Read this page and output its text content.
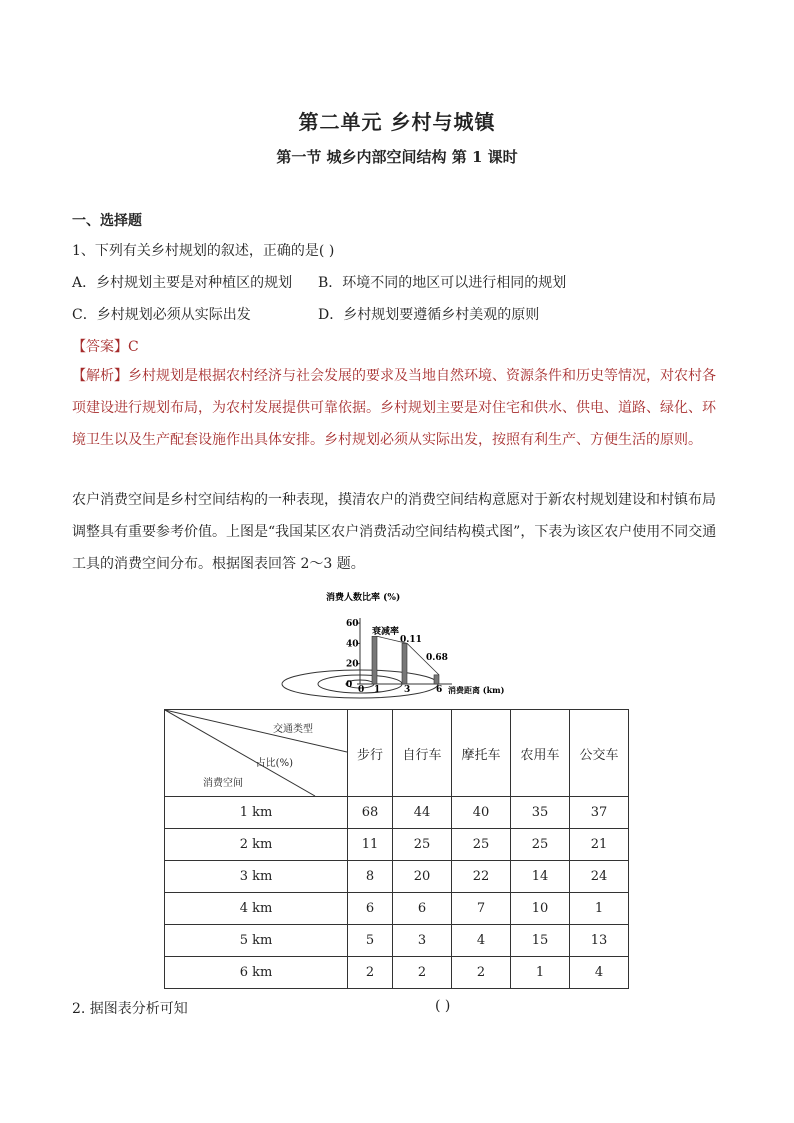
第二单元 乡村与城镇
第一节 城乡内部空间结构 第 1 课时
一、选择题
1、下列有关乡村规划的叙述，正确的是( )
A．乡村规划主要是对种植区的规划 B．环境不同的地区可以进行相同的规划
C．乡村规划必须从实际出发	D．乡村规划要遵循乡村美观的原则
【答案】C
【解析】乡村规划是根据农村经济与社会发展的要求及当地自然环境、资源条件和历史等情况，对农村各项建设进行规划布局，为农村发展提供可靠依据。乡村规划主要是对住宅和供水、供电、道路、绿化、环境卫生以及生产配套设施作出具体安排。乡村规划必须从实际出发，按照有利生产、方便生活的原则。
农户消费空间是乡村空间结构的一种表现，摸清农户的消费空间结构意愿对于新农村规划建设和村镇布局调整具有重要参考价值。上图是“我国某区农户消费活动空间结构模式图”，下表为该区农户使用不同交通工具的消费空间分布。根据图表回答 2～3 题。
消费人数比率 (%)
0
20
40
60
0 1	3	6
衰减率
0.11
0.68
消费距离 (km)
交通类型
占比(%)
消费空间	步行	自行车	摩托车	农用车	公交车
1 km	68	44	40	35	37
2 km	11	25	25	25	21
3 km	8	20	22	14	24
4 km	6	6	7	10	1
5 km	5	3	4	15	13
6 km	2	2	2	1	4
2. 据图表分析可知	( )
